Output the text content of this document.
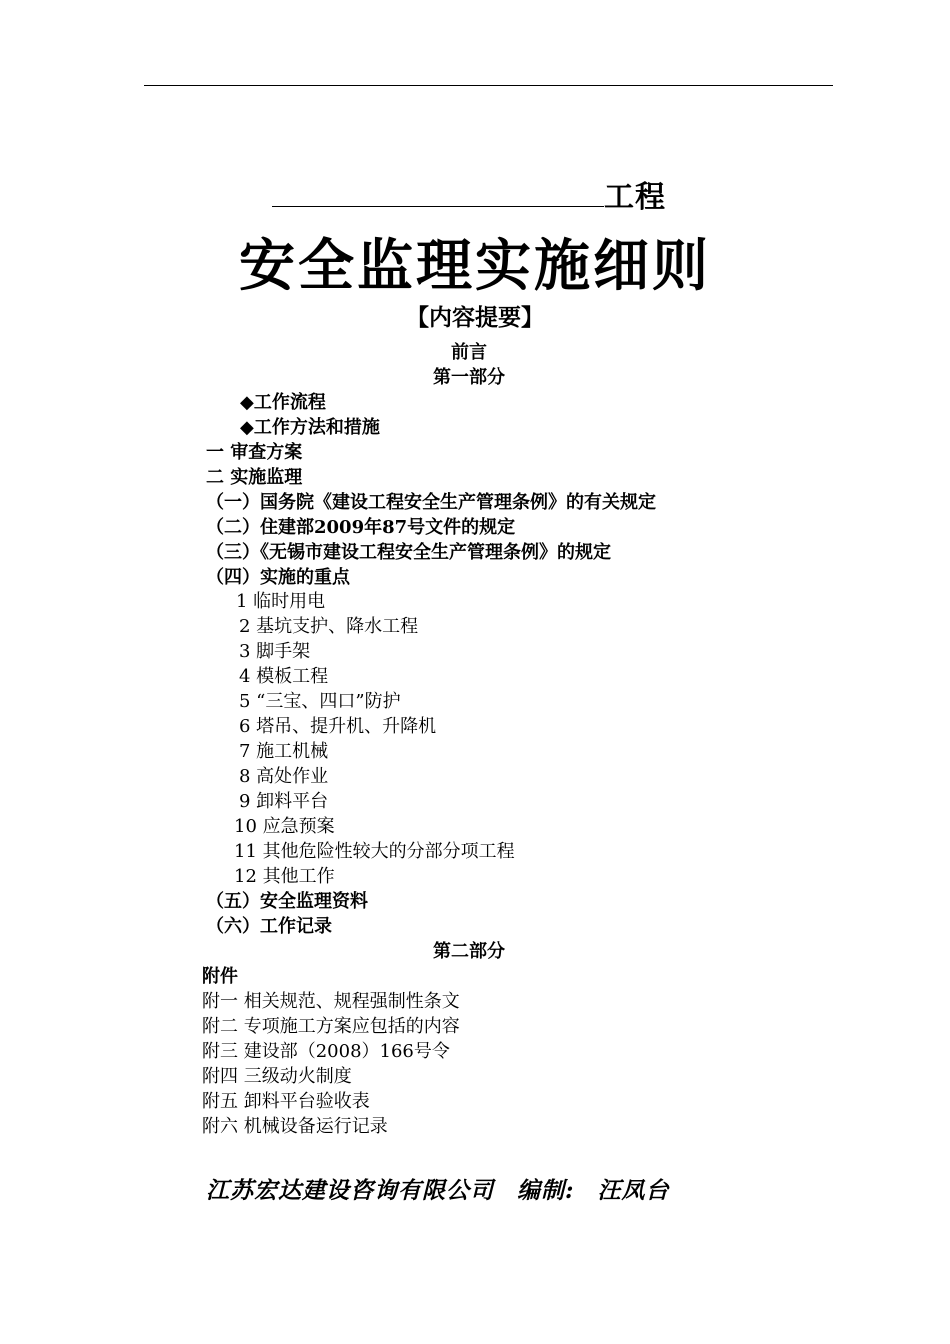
工程
安全监理实施细则
【内容提要】
前言
第一部分
◆工作流程
◆工作方法和措施
一 审查方案
二 实施监理
（一）国务院《建设工程安全生产管理条例》的有关规定
（二）住建部2009年87号文件的规定
（三）《无锡市建设工程安全生产管理条例》的规定
（四）实施的重点
1 临时用电
2 基坑支护、降水工程
3 脚手架
4 模板工程
5 “三宝、四口”防护
6 塔吊、提升机、升降机
7 施工机械
8 高处作业
9 卸料平台
10 应急预案
11 其他危险性较大的分部分项工程
12 其他工作
（五）安全监理资料
（六）工作记录
第二部分
附件
附一 相关规范、规程强制性条文
附二 专项施工方案应包括的内容
附三 建设部（2008）166号令
附四 三级动火制度
附五 卸料平台验收表
附六 机械设备运行记录
江苏宏达建设咨询有限公司 编制: 汪凤台
